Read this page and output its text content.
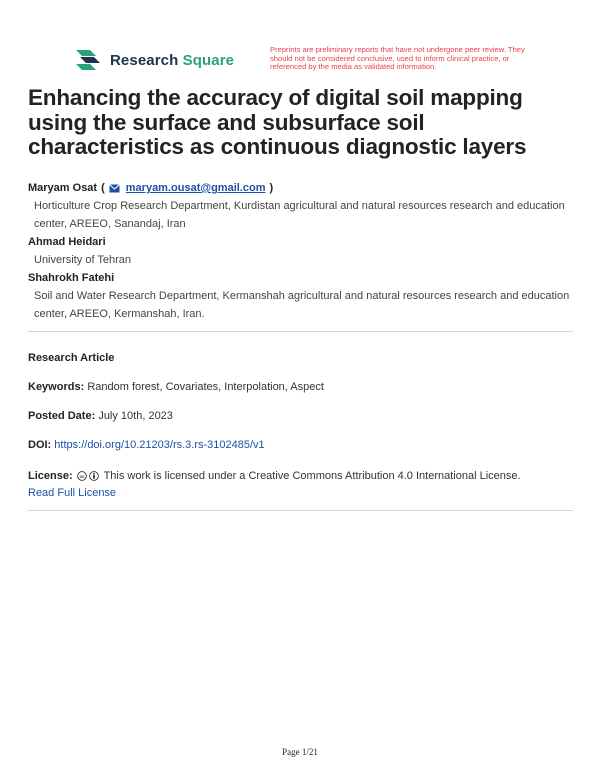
Research Square
Preprints are preliminary reports that have not undergone peer review. They should not be considered conclusive, used to inform clinical practice, or referenced by the media as validated information.
Enhancing the accuracy of digital soil mapping using the surface and subsurface soil characteristics as continuous diagnostic layers
Maryam Osat ( maryam.ousat@gmail.com )
Horticulture Crop Research Department, Kurdistan agricultural and natural resources research and education center, AREEO, Sanandaj, Iran
Ahmad Heidari
University of Tehran
Shahrokh Fatehi
Soil and Water Research Department, Kermanshah agricultural and natural resources research and education center, AREEO, Kermanshah, Iran.
Research Article
Keywords: Random forest, Covariates, Interpolation, Aspect
Posted Date: July 10th, 2023
DOI: https://doi.org/10.21203/rs.3.rs-3102485/v1
License: cc This work is licensed under a Creative Commons Attribution 4.0 International License.
Read Full License
Page 1/21
